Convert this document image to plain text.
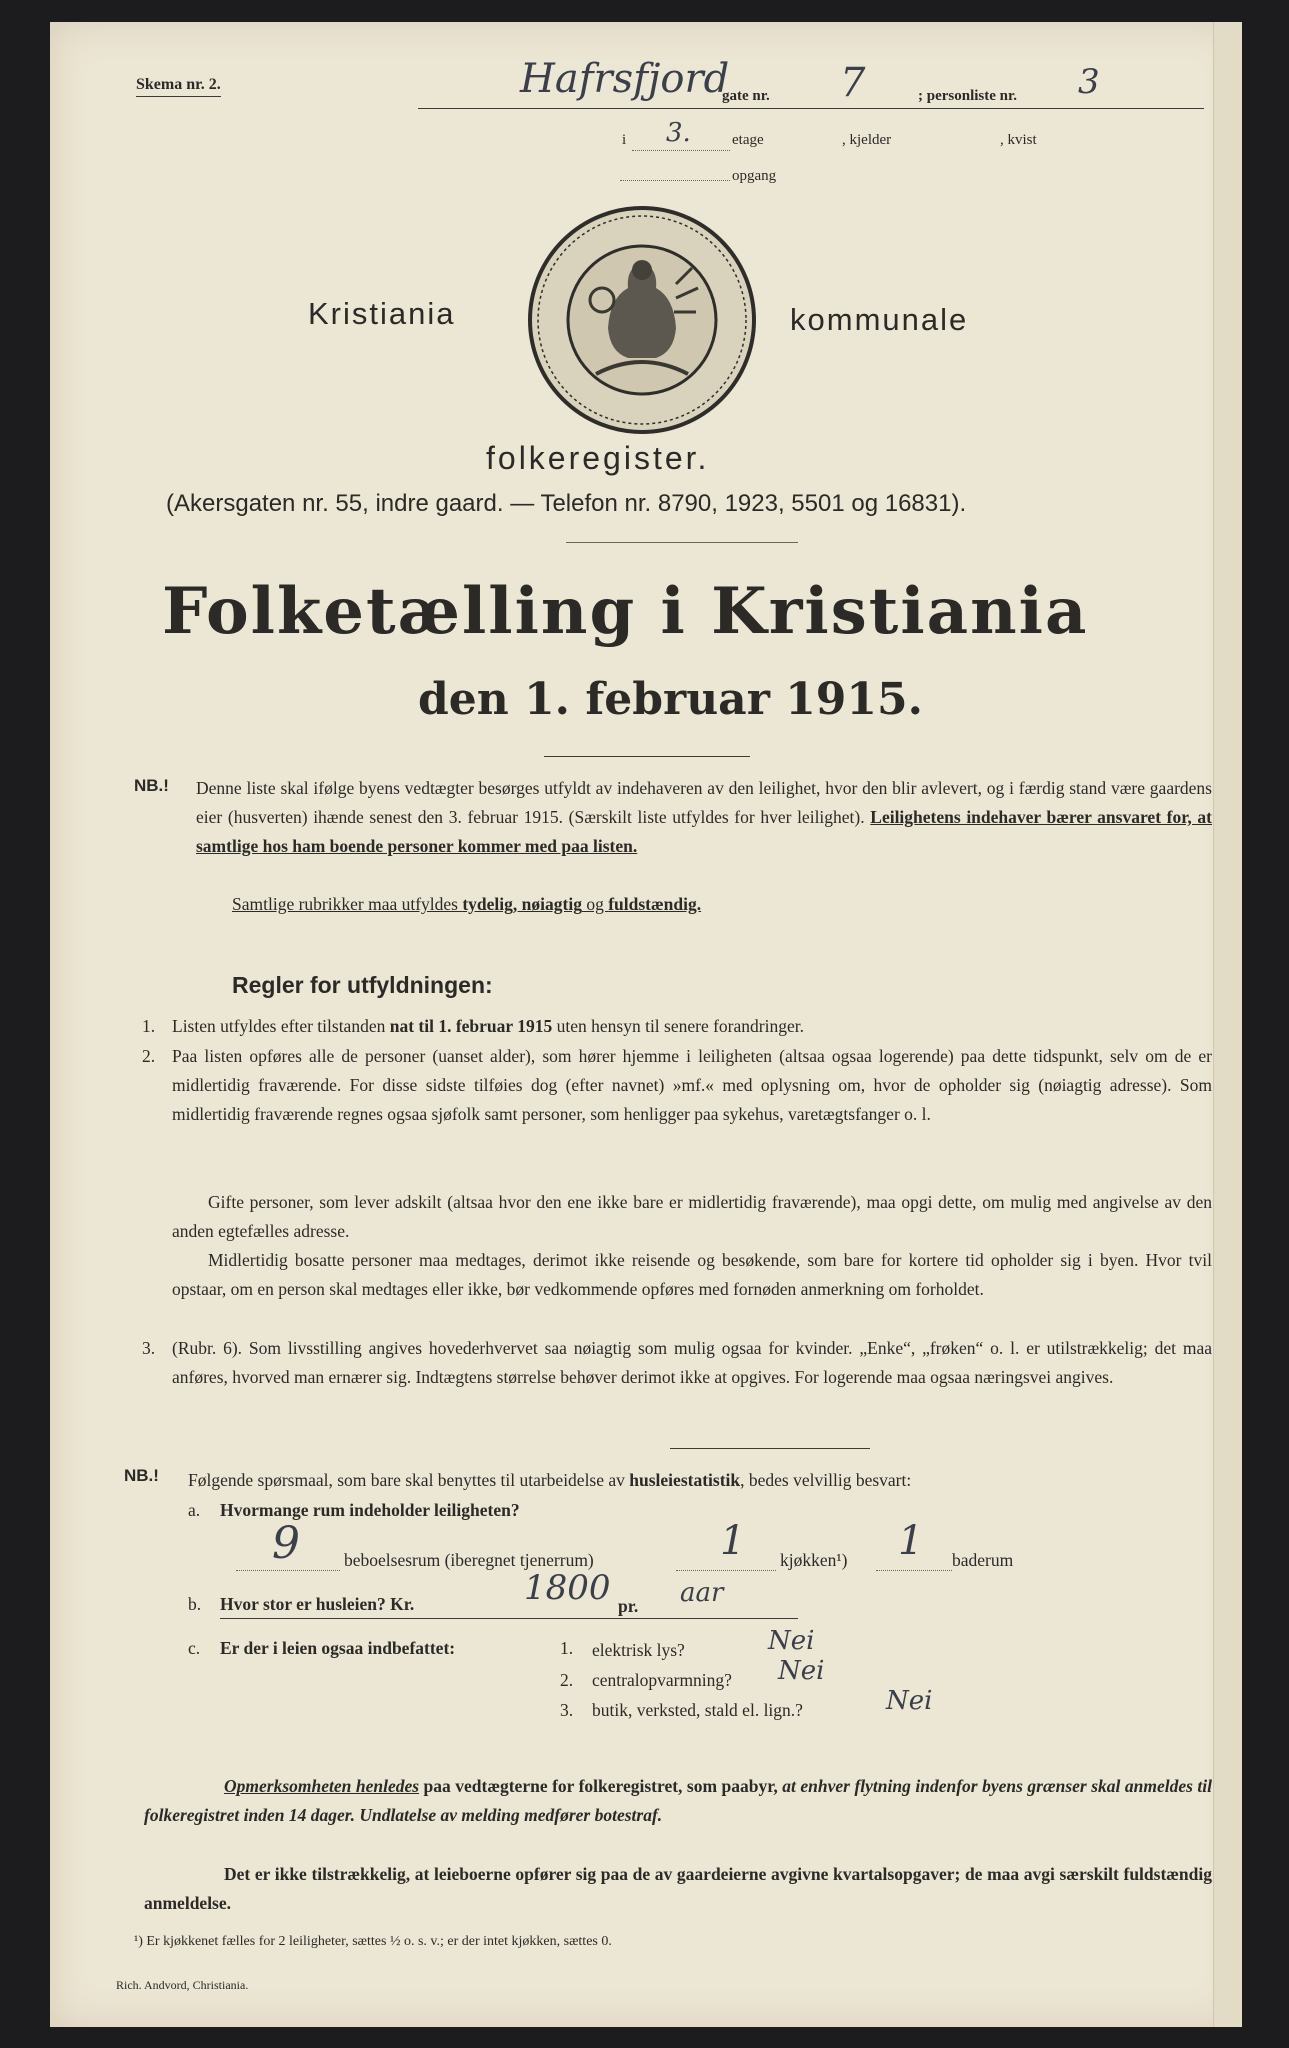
Skema nr. 2.	Hafrsfjord
gate nr. 7	; personliste nr. 3
i 3.	etage	, kjelder	, kvist
opgang
Kristiania	kommunale
folkeregister.
(Akersgaten nr. 55, indre gaard. — Telefon nr. 8790, 1923, 5501 og 16831).
Folketælling i Kristiania
den 1. februar 1915.
NB.! Denne liste skal ifølge byens vedtægter besørges utfyldt av indehaveren av den leilighet, hvor den blir avlevert, og i færdig stand være gaardens eier (husverten) ihænde senest den 3. februar 1915. (Særskilt liste utfyldes for hver leilighet). Leilighetens indehaver bærer ansvaret for, at samtlige hos ham boende personer kommer med paa listen.
Samtlige rubrikker maa utfyldes tydelig, nøiagtig og fuldstændig.
Regler for utfyldningen:
1. Listen utfyldes efter tilstanden nat til 1. februar 1915 uten hensyn til senere forandringer.
2. Paa listen opføres alle de personer (uanset alder), som hører hjemme i leiligheten (altsaa ogsaa logerende) paa dette tidspunkt, selv om de er midlertidig fraværende. For disse sidste tilføies dog (efter navnet) »mf.« med oplysning om, hvor de opholder sig (nøiagtig adresse). Som midlertidig fraværende regnes ogsaa sjøfolk samt personer, som henligger paa sykehus, varetægtsfanger o. l.
Gifte personer, som lever adskilt (altsaa hvor den ene ikke bare er midlertidig fraværende), maa opgi dette, om mulig med angivelse av den anden egtefælles adresse.
Midlertidig bosatte personer maa medtages, derimot ikke reisende og besøkende, som bare for kortere tid opholder sig i byen. Hvor tvil opstaar, om en person skal medtages eller ikke, bør vedkommende opføres med fornøden anmerkning om forholdet.
3. (Rubr. 6). Som livsstilling angives hovederhvervet saa nøiagtig som mulig ogsaa for kvinder. „Enke“, „frøken“ o. l. er utilstrækkelig; det maa anføres, hvorved man ernærer sig. Indtægtens størrelse behøver derimot ikke at opgives. For logerende maa ogsaa næringsvei angives.
NB.! Følgende spørsmaal, som bare skal benyttes til utarbeidelse av husleiestatistik, bedes velvillig besvart:
a. Hvormange rum indeholder leiligheten?
9	beboelsesrum (iberegnet tjenerrum)	1 kjøkken¹) 1 baderum
b. Hvor stor er husleien? Kr.	1800 pr. aar
c. Er der i leien ogsaa indbefattet:	1. elektrisk lys?	Nei
2. centralopvarmning? Nei
3. butik, verksted, stald el. lign.?	Nei
Opmerksomheten henledes paa vedtægterne for folkeregistret, som paabyr, at enhver flytning indenfor byens grænser skal anmeldes til folkeregistret inden 14 dager. Undlatelse av melding medfører botestraf.
Det er ikke tilstrækkelig, at leieboerne opfører sig paa de av gaardeierne avgivne kvartalsopgaver; de maa avgi særskilt fuldstændig anmeldelse.
¹) Er kjøkkenet fælles for 2 leiligheter, sættes ½ o. s. v.; er der intet kjøkken, sættes 0.
Rich. Andvord, Christiania.
